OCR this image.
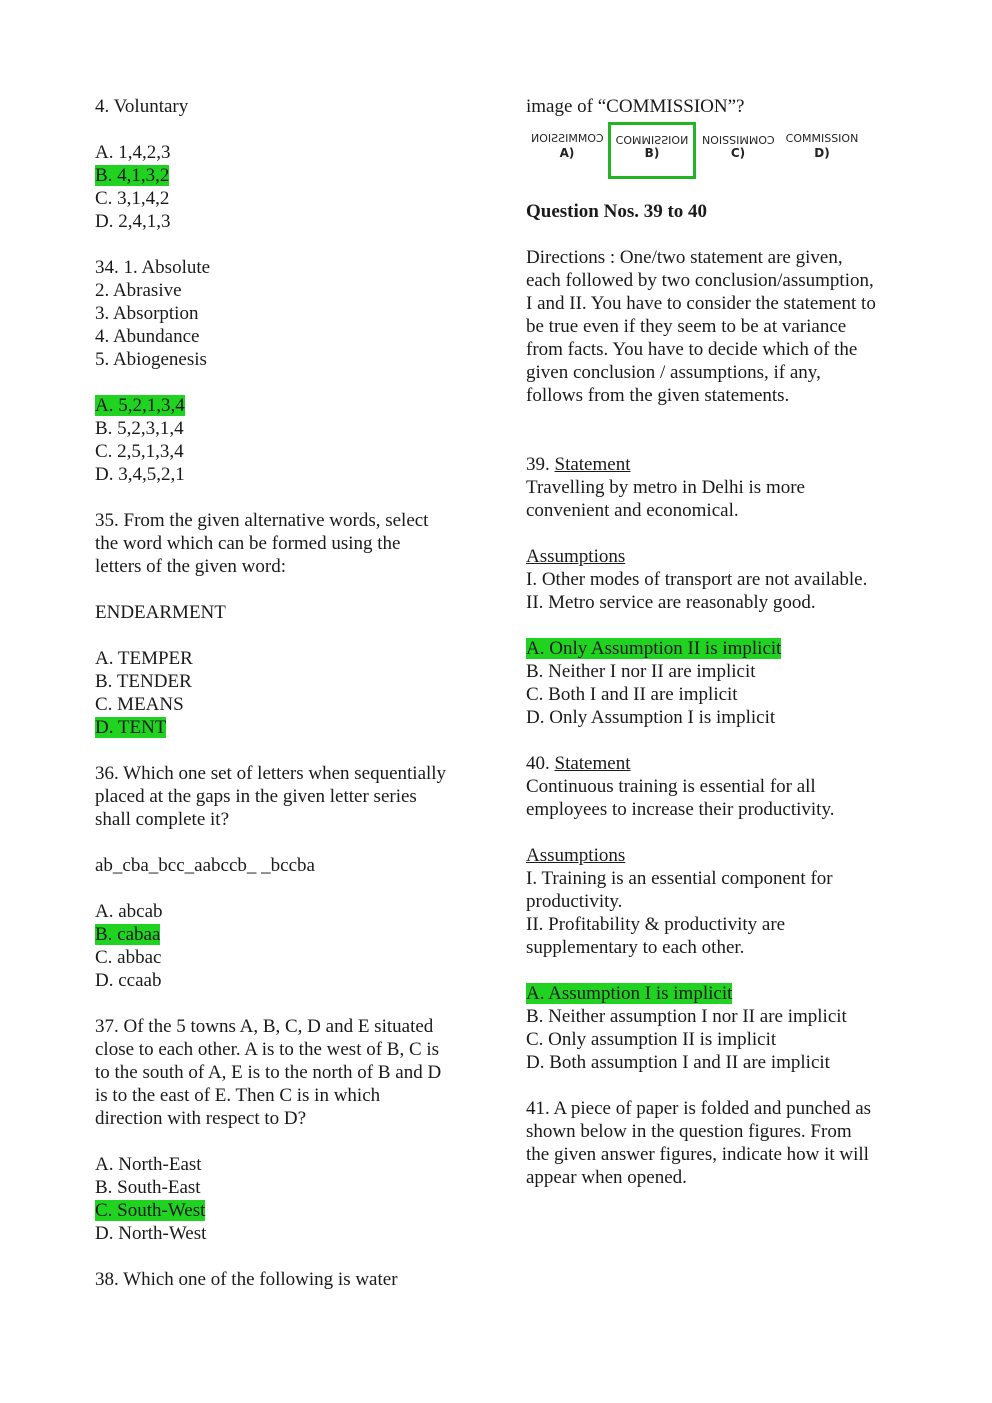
4. Voluntary
A. 1,4,2,3
B. 4,1,3,2
C. 3,1,4,2
D. 2,4,1,3
34. 1. Absolute
2. Abrasive
3. Absorption
4. Abundance
5. Abiogenesis
A. 5,2,1,3,4
B. 5,2,3,1,4
C. 2,5,1,3,4
D. 3,4,5,2,1
35. From the given alternative words, select
the word which can be formed using the
letters of the given word:
ENDEARMENT
A. TEMPER
B. TENDER
C. MEANS
D. TENT
36. Which one set of letters when sequentially
placed at the gaps in the given letter series
shall complete it?
ab_cba_bcc_aabccb_ _bccba
A. abcab
B. cabaa
C. abbac
D. ccaab
37. Of the 5 towns A, B, C, D and E situated
close to each other. A is to the west of B, C is
to the south of A, E is to the north of B and D
is to the east of E. Then C is in which
direction with respect to D?
A. North-East
B. South-East
C. South-West
D. North-West
38. Which one of the following is water
image of “COMMISSION”?
COMMISSION
A)
COMMISSION
B)
COMMISSION
C)
COMMISSION
D)
Question Nos. 39 to 40
Directions : One/two statement are given,
each followed by two conclusion/assumption,
I and II. You have to consider the statement to
be true even if they seem to be at variance
from facts. You have to decide which of the
given conclusion / assumptions, if any,
follows from the given statements.
39. Statement
Travelling by metro in Delhi is more
convenient and economical.
Assumptions
I. Other modes of transport are not available.
II. Metro service are reasonably good.
A. Only Assumption II is implicit
B. Neither I nor II are implicit
C. Both I and II are implicit
D. Only Assumption I is implicit
40. Statement
Continuous training is essential for all
employees to increase their productivity.
Assumptions
I. Training is an essential component for
productivity.
II. Profitability & productivity are
supplementary to each other.
A. Assumption I is implicit
B. Neither assumption I nor II are implicit
C. Only assumption II is implicit
D. Both assumption I and II are implicit
41. A piece of paper is folded and punched as
shown below in the question figures. From
the given answer figures, indicate how it will
appear when opened.
